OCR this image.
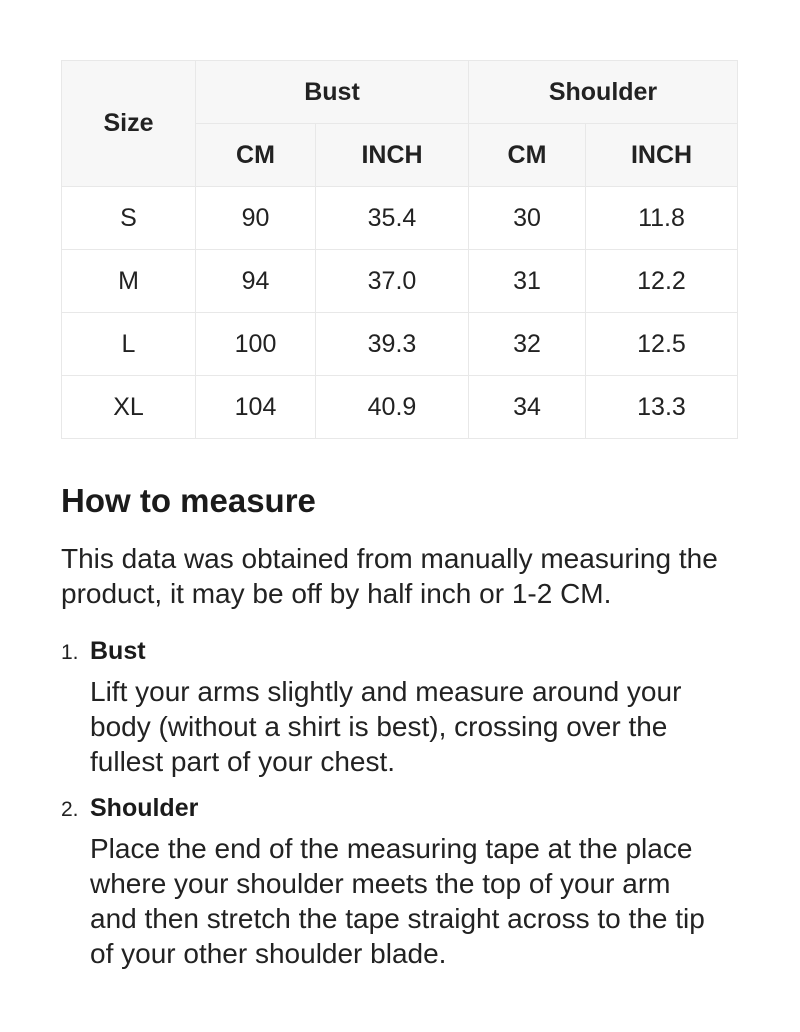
Size	Bust		Shoulder	
	CM	INCH	CM	INCH
S	90	35.4	30	11.8
M	94	37.0	31	12.2
L	100	39.3	32	12.5
XL	104	40.9	34	13.3
How to measure
This data was obtained from manually measuring the
product, it may be off by half inch or 1-2 CM.
1. Bust
Lift your arms slightly and measure around your
body (without a shirt is best), crossing over the
fullest part of your chest.
2. Shoulder
Place the end of the measuring tape at the place
where your shoulder meets the top of your arm
and then stretch the tape straight across to the tip
of your other shoulder blade.
